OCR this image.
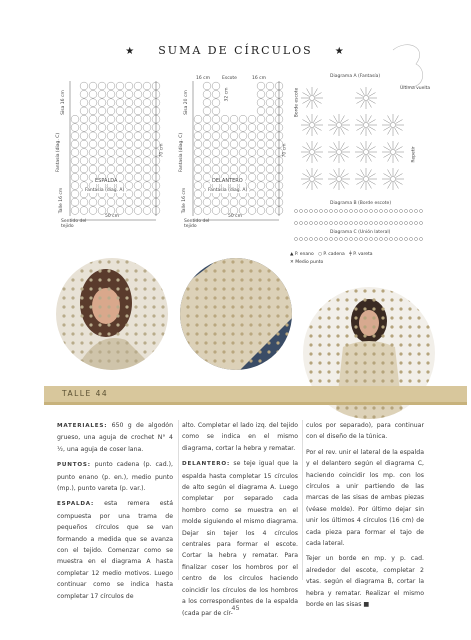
★ SUMA DE CÍRCULOS ★
Sisa 16 cm
Fantasía (diag. C)
Talle 16 cm
70 cm
ESPALDA
Fantasía (diag. A)
50 cm
Sentido del tejido
16 cm	Escote	16 cm
32 cm
Sisa 20 cm
Fantasía (diag. C)
Talle 16 cm
70 cm
DELANTERO
Fantasía (diag. A)
50 cm
Sentido del tejido
Diagrama A (Fantasía)
Última vuelta
Borde escote
Repetir
Diagrama B (Borde escote)
Diagrama C (Unión lateral)
▲ P. enano ○ P. cadena ╪ P. vareta
✕ Medio punto
TALLE 44

MATERIALES: 650 g de algodón grueso, una aguja de crochet N° 4 ½, una aguja de coser lana.

PUNTOS: punto cadena (p. cad.), punto enano (p. en.), medio punto (mp.), punto vareta (p. var.).

ESPALDA: esta remera está compuesta por una trama de pequeños círculos que se van formando a medida que se avanza con el tejido. Comenzar como se muestra en el diagrama A hasta completar 12 medio motivos. Luego continuar como se indica hasta completar 17 círculos de

alto. Completar el lado izq. del tejido como se indica en el mismo diagrama, cortar la hebra y rematar.

DELANTERO: se teje igual que la espalda hasta completar 15 círculos de alto según el diagrama A. Luego completar por separado cada hombro como se muestra en el molde siguiendo el mismo diagrama. Dejar sin tejer los 4 círculos centrales para formar el escote. Cortar la hebra y rematar. Para finalizar coser los hombros por el centro de los círculos haciendo coincidir los círculos de los hombros a los correspondientes de la espalda (cada par de cír-

culos por separado), para continuar con el diseño de la túnica.

Por el rev. unir el lateral de la espalda y el delantero según el diagrama C, haciendo coincidir los mp. con los círculos a unir partiendo de las marcas de las sisas de ambas piezas (véase molde). Por último dejar sin unir los últimos 4 círculos (16 cm) de cada pieza para formar el tajo de cada lateral.

Tejer un borde en mp. y p. cad. alrededor del escote, completar 2 vtas. según el diagrama B, cortar la hebra y rematar. Realizar el mismo borde en las sisas ■

45
